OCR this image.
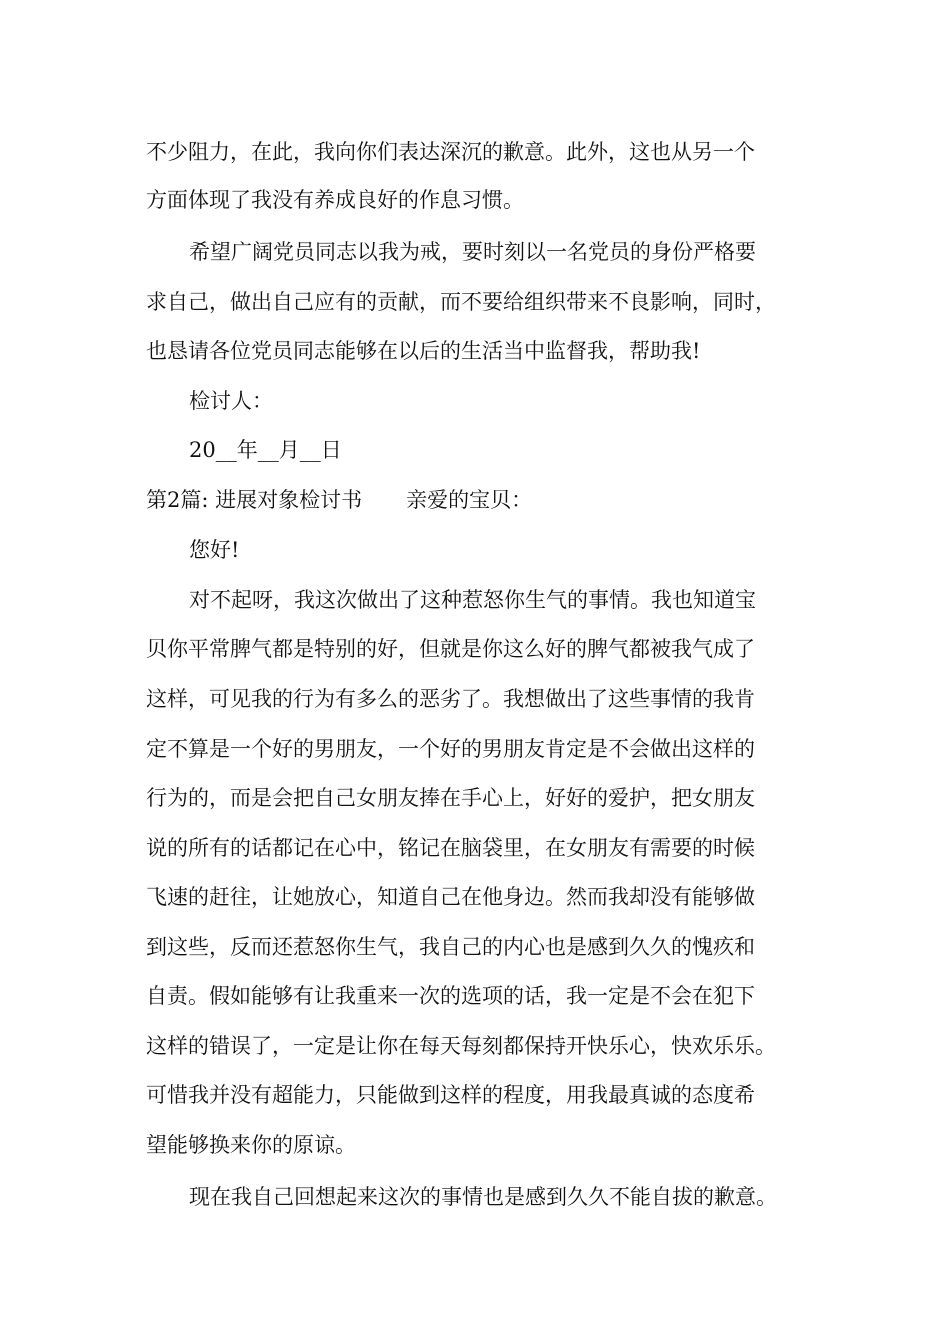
不少阻力，在此，我向你们表达深沉的歉意。此外，这也从另一个
方面体现了我没有养成良好的作息习惯。
希望广阔党员同志以我为戒，要时刻以一名党员的身份严格要
求自己，做出自己应有的贡献，而不要给组织带来不良影响，同时，
也恳请各位党员同志能够在以后的生活当中监督我，帮助我!
检讨人：
20__年__月__日
第2篇: 进展对象检讨书 亲爱的宝贝：
您好!
对不起呀，我这次做出了这种惹怒你生气的事情。我也知道宝
贝你平常脾气都是特别的好，但就是你这么好的脾气都被我气成了
这样，可见我的行为有多么的恶劣了。我想做出了这些事情的我肯
定不算是一个好的男朋友，一个好的男朋友肯定是不会做出这样的
行为的，而是会把自己女朋友捧在手心上，好好的爱护，把女朋友
说的所有的话都记在心中，铭记在脑袋里，在女朋友有需要的时候
飞速的赶往，让她放心，知道自己在他身边。然而我却没有能够做
到这些，反而还惹怒你生气，我自己的内心也是感到久久的愧疚和
自责。假如能够有让我重来一次的选项的话，我一定是不会在犯下
这样的错误了，一定是让你在每天每刻都保持开快乐心，快欢乐乐。
可惜我并没有超能力，只能做到这样的程度，用我最真诚的态度希
望能够换来你的原谅。
现在我自己回想起来这次的事情也是感到久久不能自拔的歉意。
